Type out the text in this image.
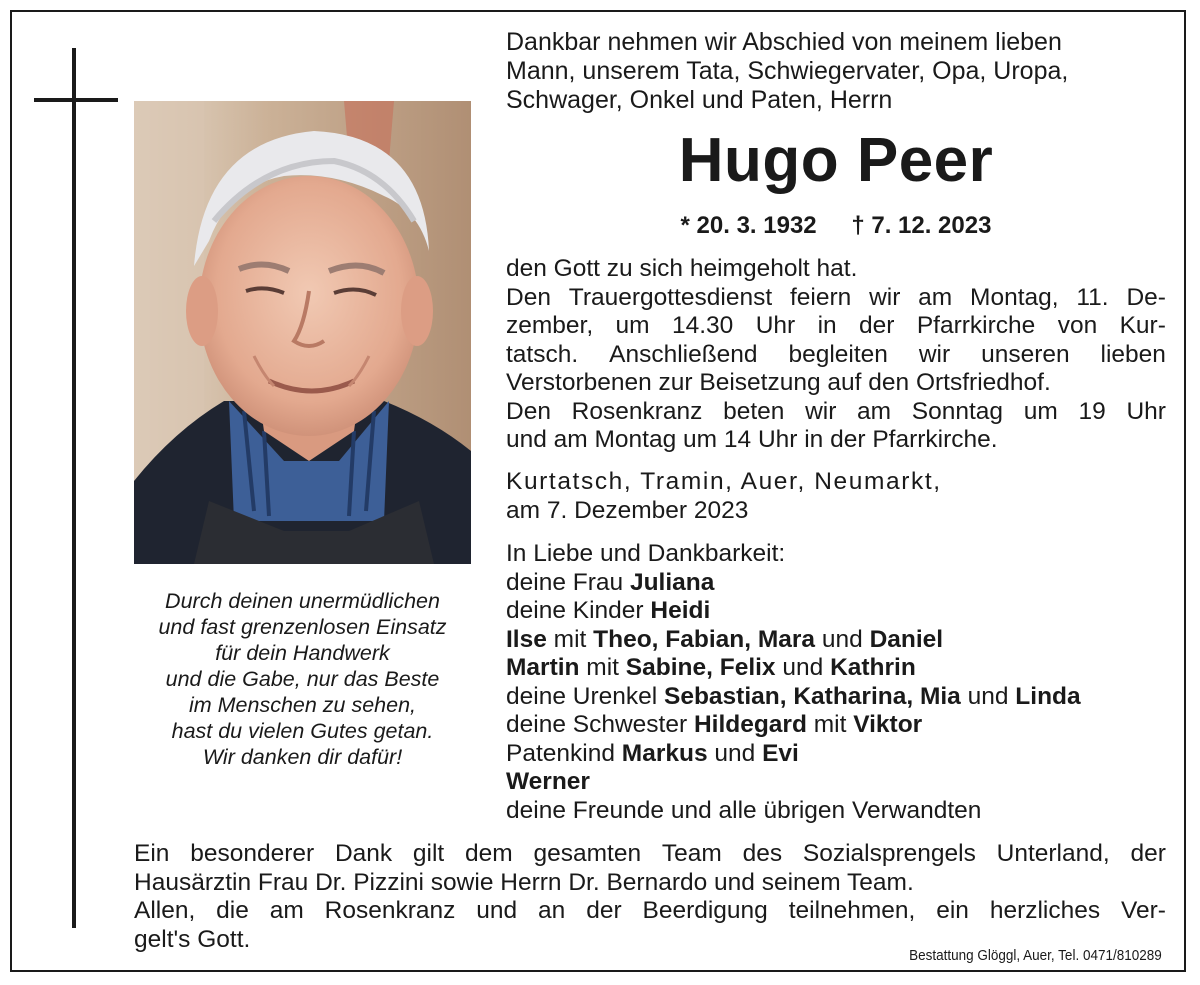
Durch deinen unermüdlichen
und fast grenzenlosen Einsatz
für dein Handwerk
und die Gabe, nur das Beste
im Menschen zu sehen,
hast du vielen Gutes getan.
Wir danken dir dafür!
Dankbar nehmen wir Abschied von meinem lieben
Mann, unserem Tata, Schwiegervater, Opa, Uropa,
Schwager, Onkel und Paten, Herrn
Hugo Peer
* 20. 3. 1932 † 7. 12. 2023
den Gott zu sich heimgeholt hat.
Den Trauergottesdienst feiern wir am Montag, 11. De-
zember, um 14.30 Uhr in der Pfarrkirche von Kur-
tatsch. Anschließend begleiten wir unseren lieben
Verstorbenen zur Beisetzung auf den Ortsfriedhof.
Den Rosenkranz beten wir am Sonntag um 19 Uhr
und am Montag um 14 Uhr in der Pfarrkirche.
Kurtatsch, Tramin, Auer, Neumarkt,
am 7. Dezember 2023
In Liebe und Dankbarkeit:
deine Frau Juliana
deine Kinder Heidi
Ilse mit Theo, Fabian, Mara und Daniel
Martin mit Sabine, Felix und Kathrin
deine Urenkel Sebastian, Katharina, Mia und Linda
deine Schwester Hildegard mit Viktor
Patenkind Markus und Evi
Werner
deine Freunde und alle übrigen Verwandten
Ein besonderer Dank gilt dem gesamten Team des Sozialsprengels Unterland, der
Hausärztin Frau Dr. Pizzini sowie Herrn Dr. Bernardo und seinem Team.
Allen, die am Rosenkranz und an der Beerdigung teilnehmen, ein herzliches Ver-
gelt's Gott.
Bestattung Glöggl, Auer, Tel. 0471/810289
